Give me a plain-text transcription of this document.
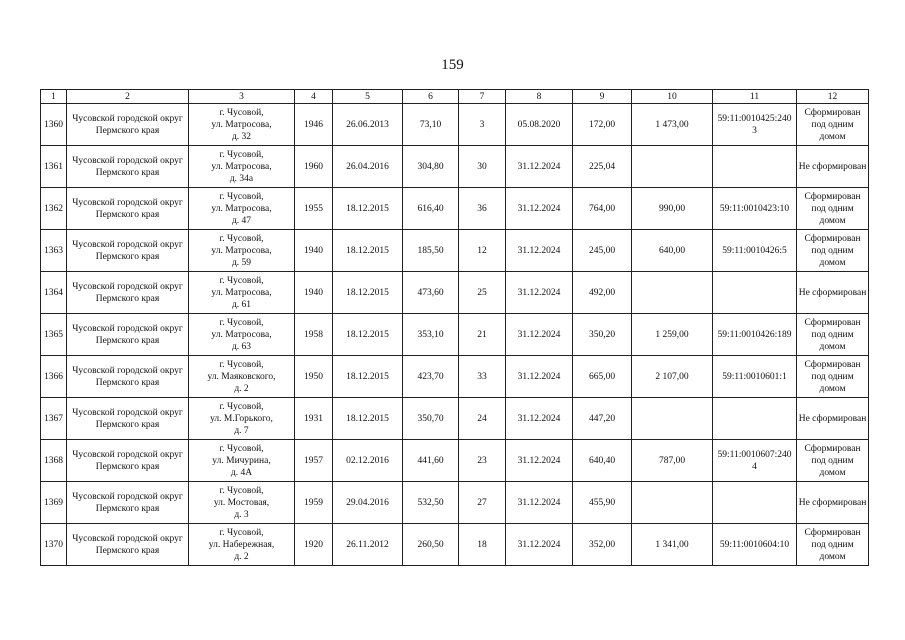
159
1	2	3	4	5	6	7	8	9	10	11	12
1360	Чусовской городской округ
Пермского края	г. Чусовой,
ул. Матросова,
д. 32	1946	26.06.2013	73,10	3	05.08.2020	172,00	1 473,00	59:11:0010425:240
3	Сформирован
под одним домом

1361	Чусовской городской округ
Пермского края	г. Чусовой,
ул. Матросова,
д. 34а	1960	26.04.2016	304,80	30	31.12.2024	225,04			Не сформирован

1362	Чусовской городской округ
Пермского края	г. Чусовой,
ул. Матросова,
д. 47	1955	18.12.2015	616,40	36	31.12.2024	764,00	990,00	59:11:0010423:10	Сформирован
под одним домом

1363	Чусовской городской округ
Пермского края	г. Чусовой,
ул. Матросова,
д. 59	1940	18.12.2015	185,50	12	31.12.2024	245,00	640,00	59:11:0010426:5	Сформирован
под одним домом

1364	Чусовской городской округ
Пермского края	г. Чусовой,
ул. Матросова,
д. 61	1940	18.12.2015	473,60	25	31.12.2024	492,00			Не сформирован

1365	Чусовской городской округ
Пермского края	г. Чусовой,
ул. Матросова,
д. 63	1958	18.12.2015	353,10	21	31.12.2024	350,20	1 259,00	59:11:0010426:189	Сформирован
под одним домом

1366	Чусовской городской округ
Пермского края	г. Чусовой,
ул. Маяковского,
д. 2	1950	18.12.2015	423,70	33	31.12.2024	665,00	2 107,00	59:11:0010601:1	Сформирован
под одним домом

1367	Чусовской городской округ
Пермского края	г. Чусовой,
ул. М.Горького,
д. 7	1931	18.12.2015	350,70	24	31.12.2024	447,20			Не сформирован

1368	Чусовской городской округ
Пермского края	г. Чусовой,
ул. Мичурина,
д. 4А	1957	02.12.2016	441,60	23	31.12.2024	640,40	787,00	59:11:0010607:240
4	Сформирован
под одним домом

1369	Чусовской городской округ
Пермского края	г. Чусовой,
ул. Мостовая,
д. 3	1959	29.04.2016	532,50	27	31.12.2024	455,90			Не сформирован

1370	Чусовской городской округ
Пермского края	г. Чусовой,
ул. Набережная,
д. 2	1920	26.11.2012	260,50	18	31.12.2024	352,00	1 341,00	59:11:0010604:10	Сформирован
под одним домом
